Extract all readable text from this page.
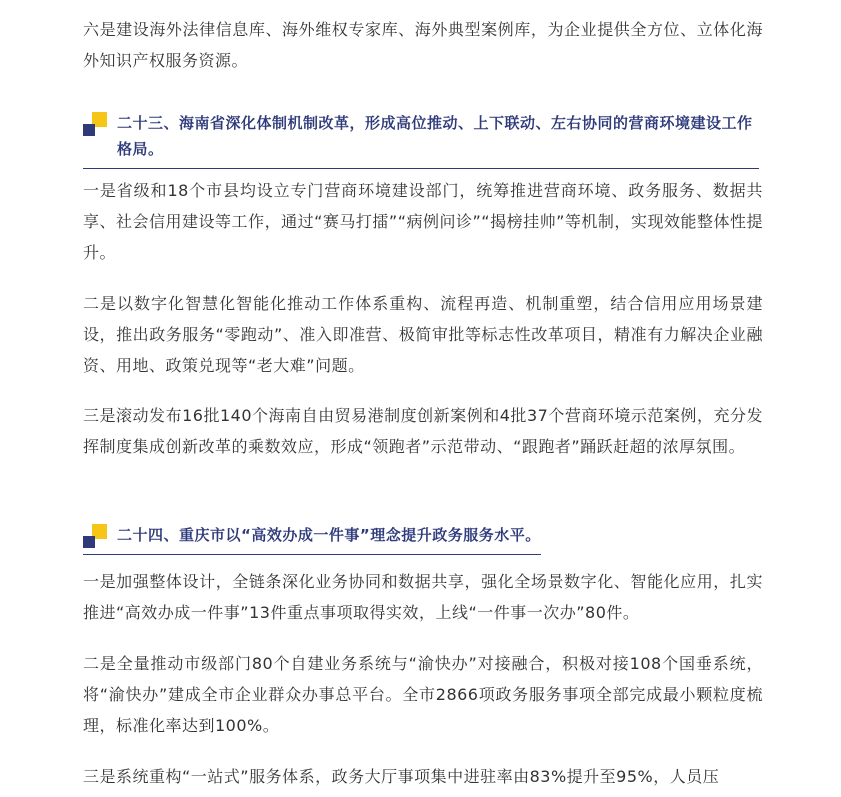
六是建设海外法律信息库、海外维权专家库、海外典型案例库，为企业提供全方位、立体化海外知识产权服务资源。

二十三、海南省深化体制机制改革，形成高位推动、上下联动、左右协同的营商环境建设工作格局。

一是省级和18个市县均设立专门营商环境建设部门，统筹推进营商环境、政务服务、数据共享、社会信用建设等工作，通过“赛马打擂”“病例问诊”“揭榜挂帅”等机制，实现效能整体性提升。

二是以数字化智慧化智能化推动工作体系重构、流程再造、机制重塑，结合信用应用场景建设，推出政务服务“零跑动”、准入即准营、极简审批等标志性改革项目，精准有力解决企业融资、用地、政策兑现等“老大难”问题。

三是滚动发布16批140个海南自由贸易港制度创新案例和4批37个营商环境示范案例，充分发挥制度集成创新改革的乘数效应，形成“领跑者”示范带动、“跟跑者”踊跃赶超的浓厚氛围。

二十四、重庆市以“高效办成一件事”理念提升政务服务水平。

一是加强整体设计，全链条深化业务协同和数据共享，强化全场景数字化、智能化应用，扎实推进“高效办成一件事”13件重点事项取得实效，上线“一件事一次办”80件。

二是全量推动市级部门80个自建业务系统与“渝快办”对接融合，积极对接108个国垂系统，将“渝快办”建成全市企业群众办事总平台。全市2866项政务服务事项全部完成最小颗粒度梳理，标准化率达到100%。

三是系统重构“一站式”服务体系，政务大厅事项集中进驻率由83%提升至95%，人员压
